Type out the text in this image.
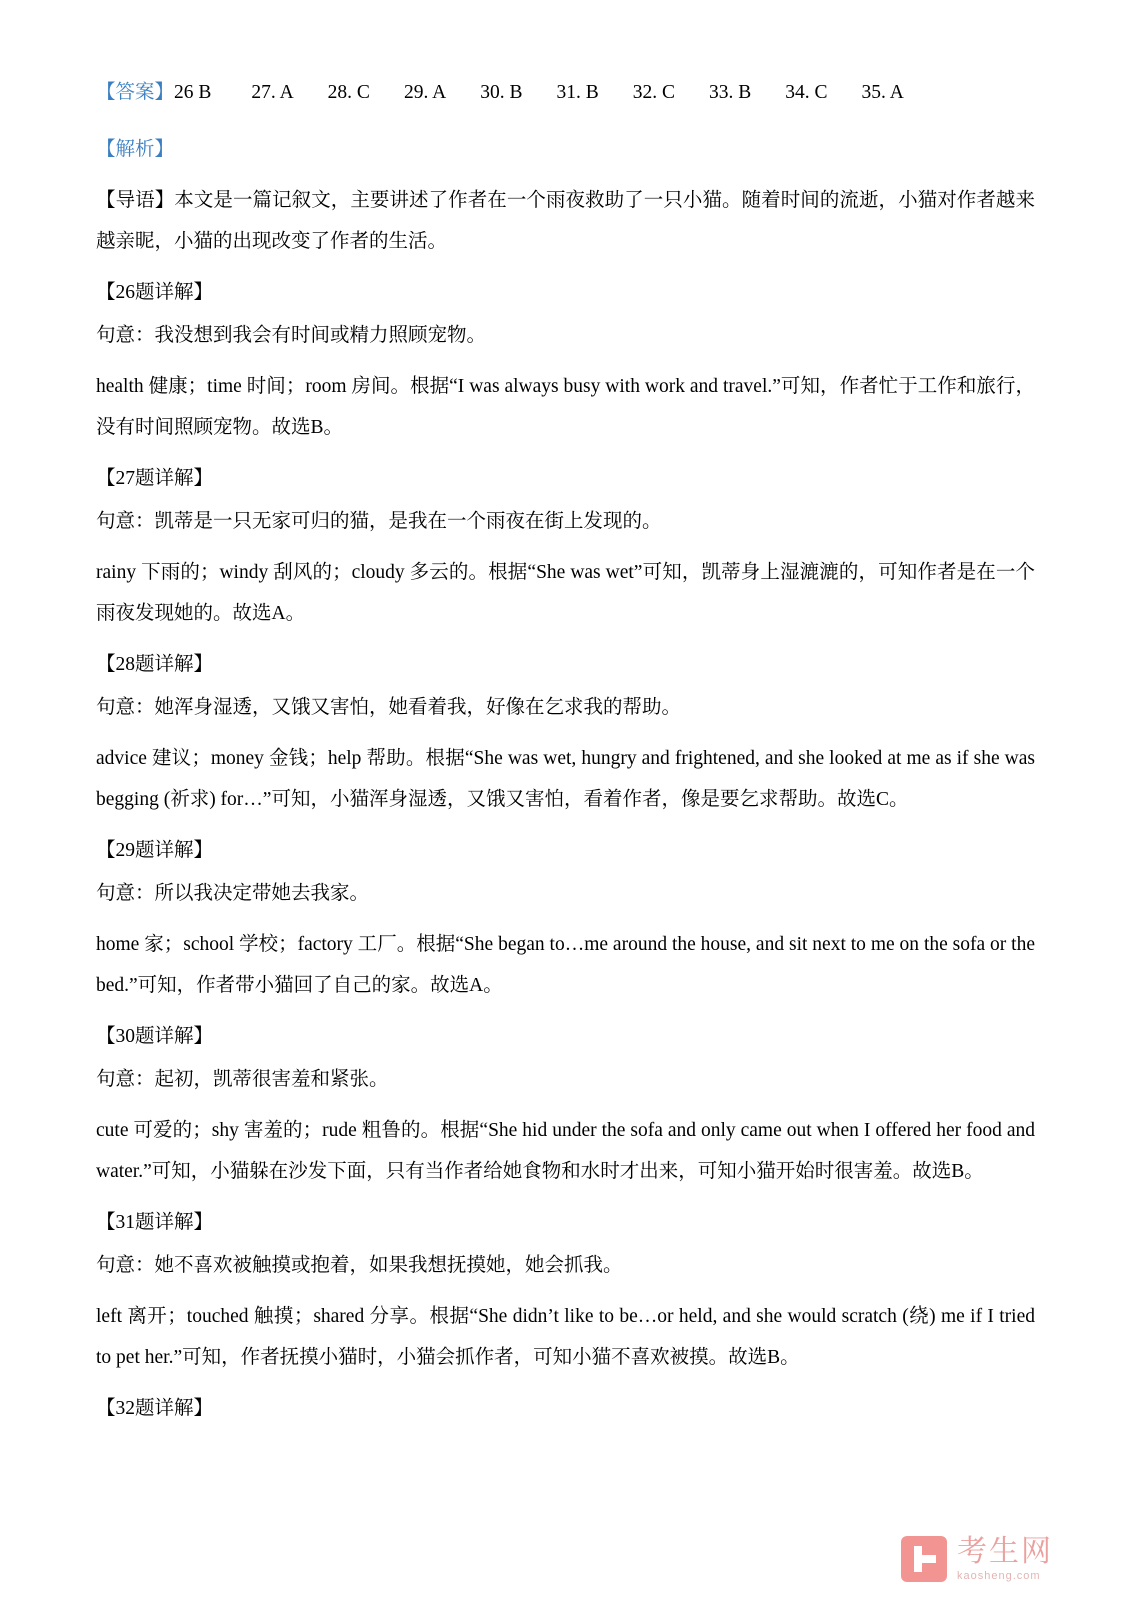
【答案】26 B 27. A 28. C 29. A 30. B 31. B 32. C 33. B 34. C 35. A
【解析】

【导语】本文是一篇记叙文，主要讲述了作者在一个雨夜救助了一只小猫。随着时间的流逝，小猫对作者越来越亲昵，小猫的出现改变了作者的生活。

【26题详解】

句意：我没想到我会有时间或精力照顾宠物。

health 健康；time 时间；room 房间。根据“I was always busy with work and travel.”可知，作者忙于工作和旅行，没有时间照顾宠物。故选B。

【27题详解】

句意：凯蒂是一只无家可归的猫，是我在一个雨夜在街上发现的。

rainy 下雨的；windy 刮风的；cloudy 多云的。根据“She was wet”可知，凯蒂身上湿漉漉的，可知作者是在一个雨夜发现她的。故选A。

【28题详解】

句意：她浑身湿透，又饿又害怕，她看着我，好像在乞求我的帮助。

advice 建议；money 金钱；help 帮助。根据“She was wet, hungry and frightened, and she looked at me as if she was begging (祈求) for…”可知，小猫浑身湿透，又饿又害怕，看着作者，像是要乞求帮助。故选C。

【29题详解】

句意：所以我决定带她去我家。

home 家；school 学校；factory 工厂。根据“She began to…me around the house, and sit next to me on the sofa or the bed.”可知，作者带小猫回了自己的家。故选A。

【30题详解】

句意：起初，凯蒂很害羞和紧张。

cute 可爱的；shy 害羞的；rude 粗鲁的。根据“She hid under the sofa and only came out when I offered her food and water.”可知，小猫躲在沙发下面，只有当作者给她食物和水时才出来，可知小猫开始时很害羞。故选B。

【31题详解】

句意：她不喜欢被触摸或抱着，如果我想抚摸她，她会抓我。

left 离开；touched 触摸；shared 分享。根据“She didn’t like to be…or held, and she would scratch (绕) me if I tried to pet her.”可知，作者抚摸小猫时，小猫会抓作者，可知小猫不喜欢被摸。故选B。

【32题详解】
考生网
kaosheng.com
